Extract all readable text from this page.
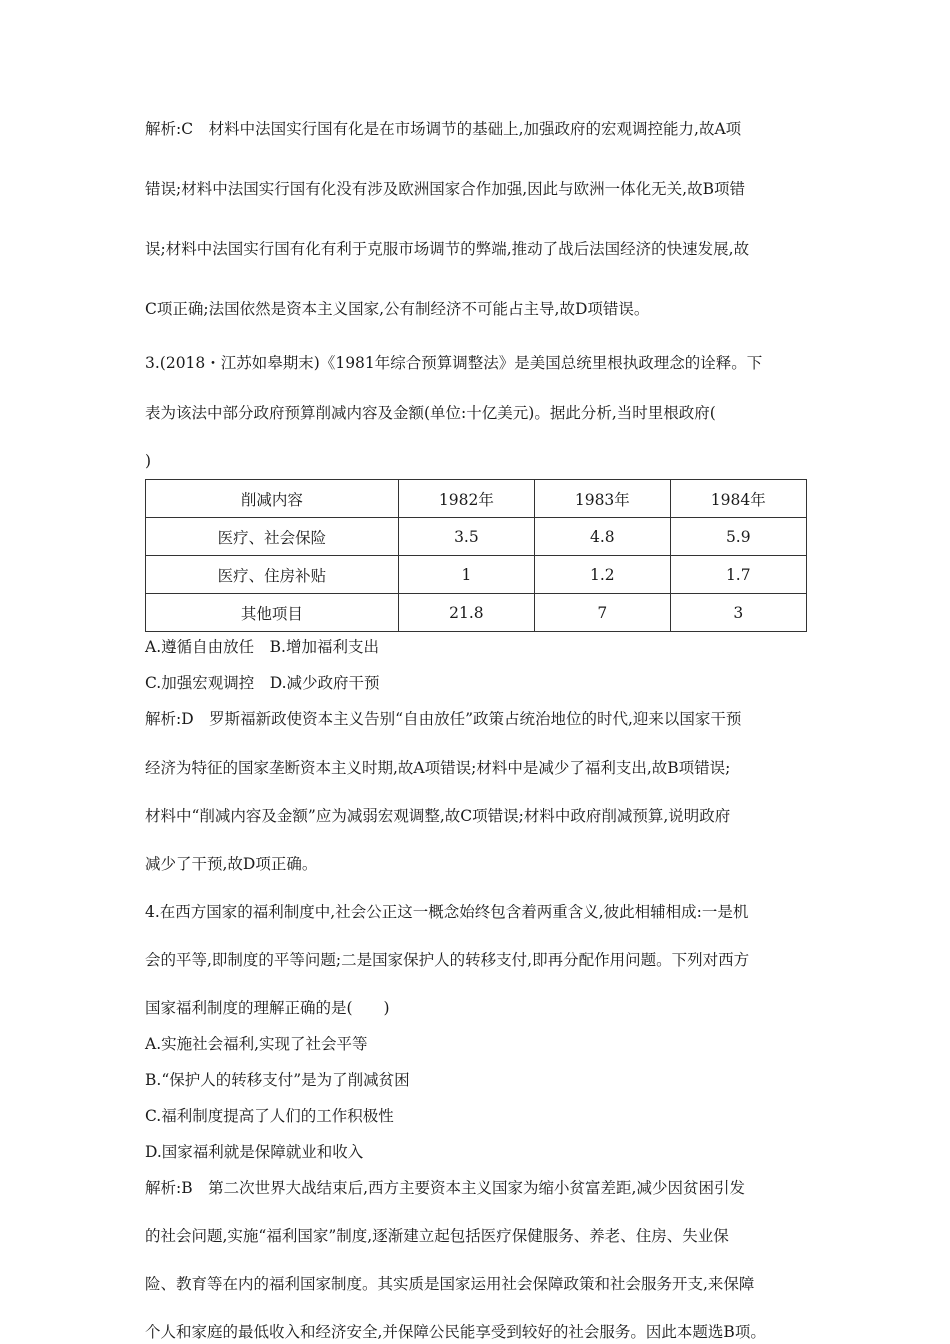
解析:C　材料中法国实行国有化是在市场调节的基础上,加强政府的宏观调控能力,故A项
错误;材料中法国实行国有化没有涉及欧洲国家合作加强,因此与欧洲一体化无关,故B项错
误;材料中法国实行国有化有利于克服市场调节的弊端,推动了战后法国经济的快速发展,故
C项正确;法国依然是资本主义国家,公有制经济不可能占主导,故D项错误。
3.(2018・江苏如皋期末)《1981年综合预算调整法》是美国总统里根执政理念的诠释。下
表为该法中部分政府预算削减内容及金额(单位:十亿美元)。据此分析,当时里根政府(
)
削减内容	1982年	1983年	1984年
医疗、社会保险	3.5	4.8	5.9
医疗、住房补贴	1	1.2	1.7
其他项目	21.8	7	3
A.遵循自由放任　B.增加福利支出
C.加强宏观调控　D.减少政府干预
解析:D　罗斯福新政使资本主义告别“自由放任”政策占统治地位的时代,迎来以国家干预
经济为特征的国家垄断资本主义时期,故A项错误;材料中是减少了福利支出,故B项错误;
材料中“削减内容及金额”应为减弱宏观调整,故C项错误;材料中政府削减预算,说明政府
减少了干预,故D项正确。
4.在西方国家的福利制度中,社会公正这一概念始终包含着两重含义,彼此相辅相成:一是机
会的平等,即制度的平等问题;二是国家保护人的转移支付,即再分配作用问题。下列对西方
国家福利制度的理解正确的是(　　)
A.实施社会福利,实现了社会平等
B.“保护人的转移支付”是为了削减贫困
C.福利制度提高了人们的工作积极性
D.国家福利就是保障就业和收入
解析:B　第二次世界大战结束后,西方主要资本主义国家为缩小贫富差距,减少因贫困引发
的社会问题,实施“福利国家”制度,逐渐建立起包括医疗保健服务、养老、住房、失业保
险、教育等在内的福利国家制度。其实质是国家运用社会保障政策和社会服务开支,来保障
个人和家庭的最低收入和经济安全,并保障公民能享受到较好的社会服务。因此本题选B项。
